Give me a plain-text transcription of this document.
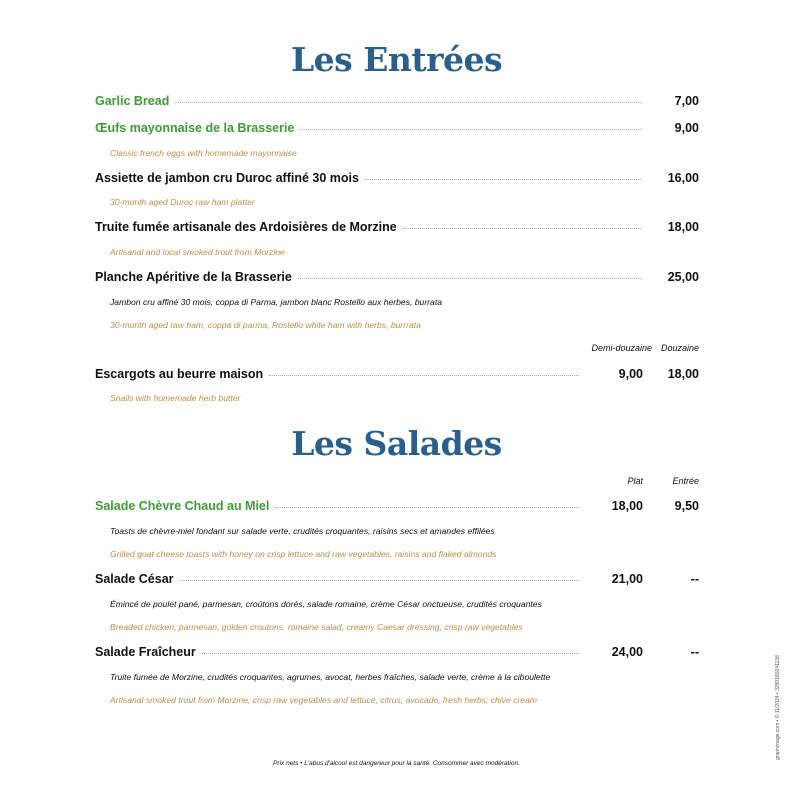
Les Entrées
Garlic Bread	7,00
Œufs mayonnaise de la Brasserie	9,00
Classic french eggs with homemade mayonnaise
Assiette de jambon cru Duroc affiné 30 mois	16,00
30-month aged Duroc raw ham platter
Truite fumée artisanale des Ardoisières de Morzine	18,00
Artisanal and local smoked trout from Morzine
Planche Apéritive de la Brasserie	25,00
Jambon cru affiné 30 mois, coppa di Parma, jambon blanc Rostello aux herbes, burrata
30-month aged raw ham, coppa di parma, Rostello white ham with herbs, burrrata
Demi-douzaine Douzaine
Escargots au beurre maison	9,00	18,00
Snails with homemade herb butter
Les Salades
Plat	Entrée
Salade Chèvre Chaud au Miel	18,00	9,50
Toasts de chèvre-miel fondant sur salade verte, crudités croquantes, raisins secs et amandes effilées
Grilled goat cheese toasts with honey on crisp lettuce and raw vegetables, raisins and flaked almonds
Salade César	21,00	--
Émincé de poulet pané, parmesan, croûtons dorés, salade romaine, crème César onctueuse, crudités croquantes
Breaded chicken, parmesan, golden croutons, romaine salad, creamy Caesar dressing, crisp raw vegetables
Salade Fraîcheur	24,00	--
Truite fumée de Morzine, crudités croquantes, agrumes, avocat, herbes fraîches, salade verte, crème à la ciboulette
Artisanal smoked trout from Morzine, crisp raw vegetables and lettuce, citrus, avocado, fresh herbs, chive cream
Prix nets • L'abus d'alcool est dangereux pour la santé. Consommer avec modération.
graphimage.com • © 11/2024 • 3250180241138
